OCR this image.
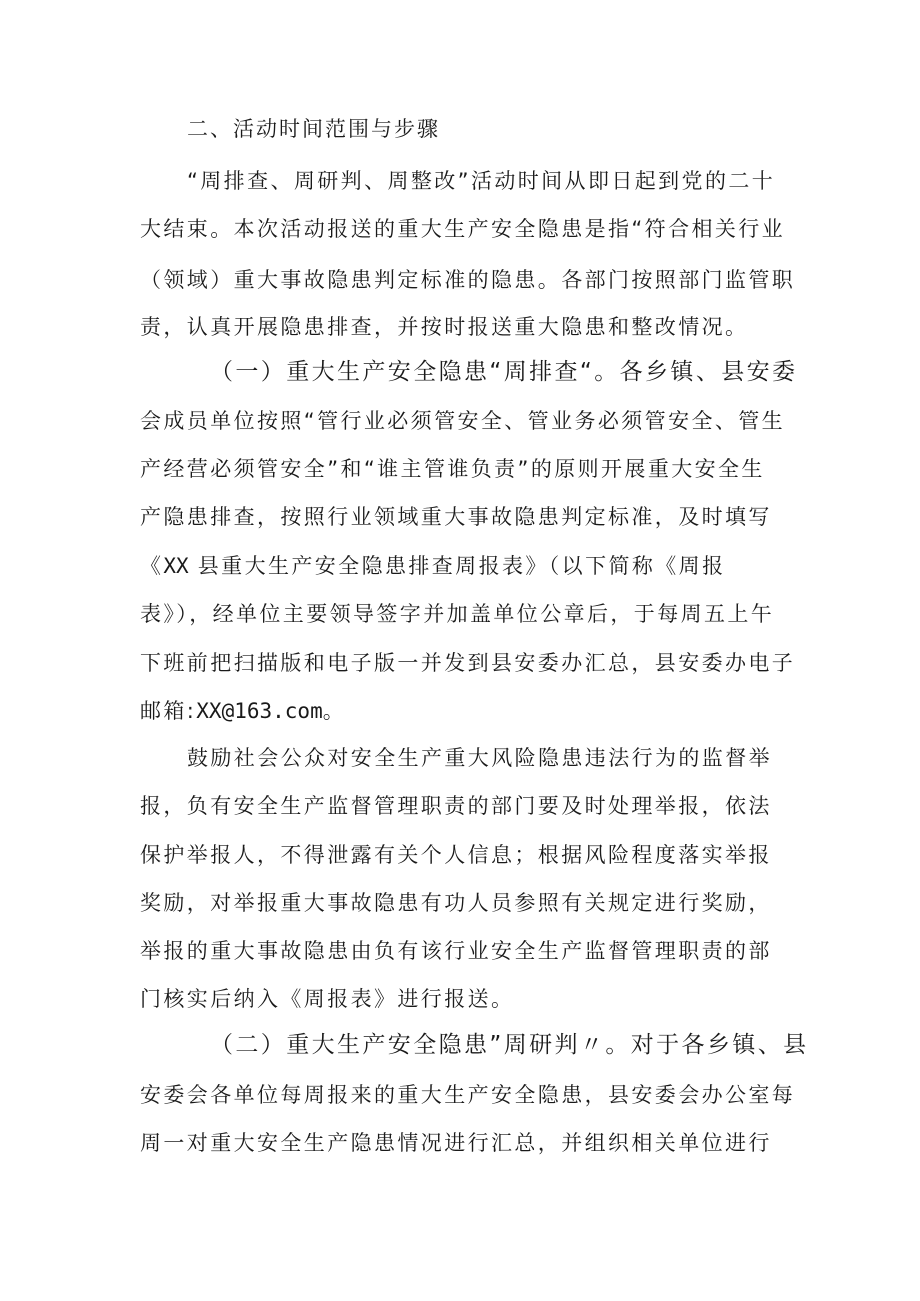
二、活动时间范围与步骤
“周排查、周研判、周整改”活动时间从即日起到党的二十
大结束。本次活动报送的重大生产安全隐患是指“符合相关行业
（领域）重大事故隐患判定标准的隐患。各部门按照部门监管职
责，认真开展隐患排查，并按时报送重大隐患和整改情况。
（一）重大生产安全隐患“周排查“。各乡镇、县安委
会成员单位按照“管行业必须管安全、管业务必须管安全、管生
产经营必须管安全”和“谁主管谁负责”的原则开展重大安全生
产隐患排查，按照行业领域重大事故隐患判定标准，及时填写
《XX 县重大生产安全隐患排查周报表》（以下简称《周报
表》），经单位主要领导签字并加盖单位公章后，于每周五上午
下班前把扫描版和电子版一并发到县安委办汇总，县安委办电子
邮箱:XX@163.com。
鼓励社会公众对安全生产重大风险隐患违法行为的监督举
报，负有安全生产监督管理职责的部门要及时处理举报，依法
保护举报人，不得泄露有关个人信息；根据风险程度落实举报
奖励，对举报重大事故隐患有功人员参照有关规定进行奖励，
举报的重大事故隐患由负有该行业安全生产监督管理职责的部
门核实后纳入《周报表》进行报送。
（二）重大生产安全隐患”周研判〃。对于各乡镇、县
安委会各单位每周报来的重大生产安全隐患，县安委会办公室每
周一对重大安全生产隐患情况进行汇总，并组织相关单位进行
